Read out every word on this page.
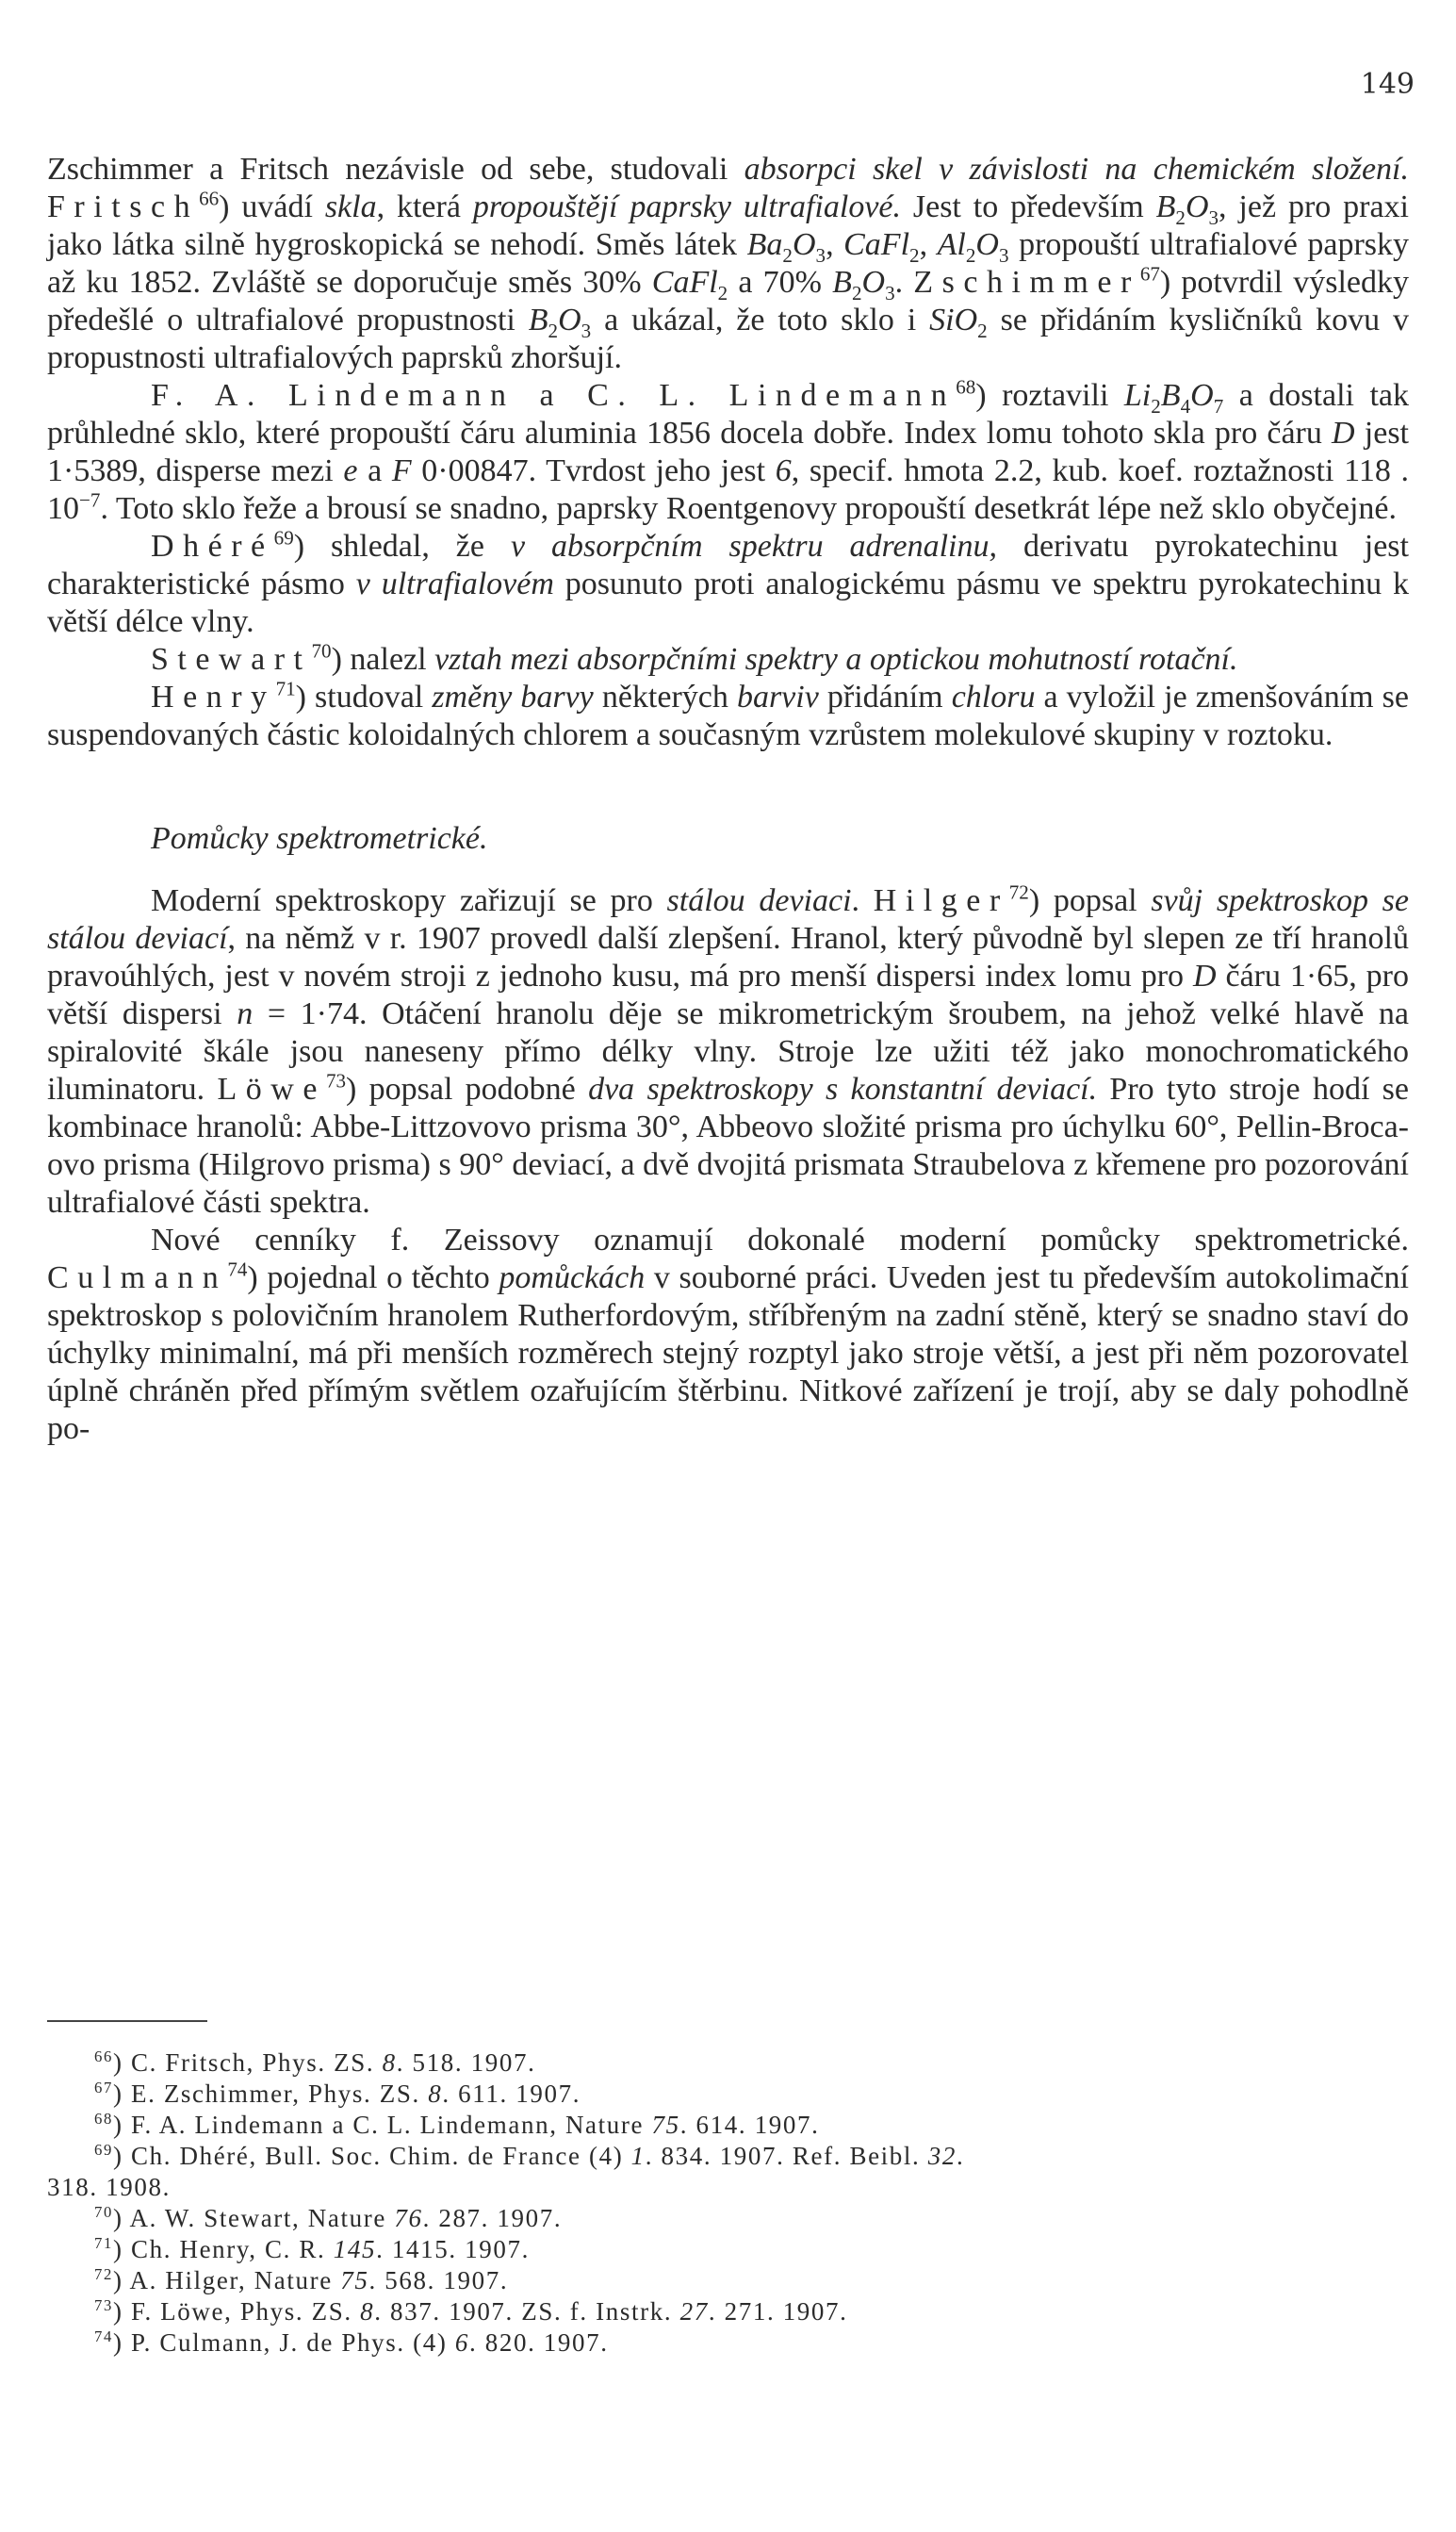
149

Zschimmer a Fritsch nezávisle od sebe, studovali absorpci skel v závislosti na chemickém složení. Fritsch$^{66}$) uvádí skla, která propouštějí paprsky ultrafialové. Jest to především $B_2O_3$, jež pro praxi jako látka silně hygroskopická se nehodí. Směs látek $Ba_2O_3$, CaFl$_2$, $Al_2O_3$ propouští ultrafialové paprsky až ku 1852. Zvláště se doporučuje směs 30% CaFl$_2$ a 70% $B_2O_3$. Zschimmer$^{67}$) potvrdil výsledky předešlé o ultrafialové propustnosti $B_2O_3$ a ukázal, že toto sklo i SiO$_2$ se přidáním kysličníků kovu v propustnosti ultrafialových paprsků zhoršují.

F. A. Lindemann a C. L. Lindemann$^{68}$) roztavili $Li_2B_4O_7$ a dostali tak průhledné sklo, které propouští čáru aluminia 1856 docela dobře. Index lomu tohoto skla pro čáru D jest 1·5389, disperse mezi e a F 0·00847. Tvrdost jeho jest 6, specif. hmota 2.2, kub. koef. roztažnosti 118 . $10^{-7}$. Toto sklo řeže a brousí se snadno, paprsky Roentgenovy propouští desetkrát lépe než sklo obyčejné.

Dhéré$^{69}$) shledal, že v absorpčním spektru adrenalinu, derivatu pyrokatechinu jest charakteristické pásmo v ultrafialovém posunuto proti analogickému pásmu ve spektru pyrokatechinu k větší délce vlny.

Stewart$^{70}$) nalezl vztah mezi absorpčními spektry a optickou mohutností rotační.

Henry$^{71}$) studoval změny barvy některých barviv přidáním chloru a vyložil je zmenšováním se suspendovaných částic koloidalných chlorem a současným vzrůstem molekulové skupiny v roztoku.

Pomůcky spektrometrické.

Moderní spektroskopy zařizují se pro stálou deviaci. Hilger$^{72}$) popsal svůj spektroskop se stálou deviací, na němž v r. 1907 provedl další zlepšení. Hranol, který původně byl slepen ze tří hranolů pravoúhlých, jest v novém stroji z jednoho kusu, má pro menší dispersi index lomu pro D čáru 1·65, pro větší dispersi n = 1·74. Otáčení hranolu děje se mikrometrickým šroubem, na jehož velké hlavě na spiralovité škále jsou naneseny přímo délky vlny. Stroje lze užiti též jako monochromatického iluminatoru. Löwe$^{73}$) popsal podobné dva spektroskopy s konstantní deviací. Pro tyto stroje hodí se kombinace hranolů: Abbe-Littzovovo prisma 30°, Abbeovo složité prisma pro úchylku 60°, Pellin-Broca-ovo prisma (Hilgrovo prisma) s 90° deviací, a dvě dvojitá prismata Straubelova z křemene pro pozorování ultrafialové části spektra.

Nové cenníky f. Zeissovy oznamují dokonalé moderní pomůcky spektrometrické. Culmann$^{74}$) pojednal o těchto pomůckách v souborné práci. Uveden jest tu především autokolimační spektroskop s polovičním hranolem Rutherfordovým, stříbřeným na zadní stěně, který se snadno staví do úchylky minimalní, má při menších rozměrech stejný rozptyl jako stroje větší, a jest při něm pozorovatel úplně chráněn před přímým světlem ozařujícím štěrbinu. Nitkové zařízení je trojí, aby se daly pohodlně po-

$^{66}$) C. Fritsch, Phys. ZS. 8. 518. 1907.
$^{67}$) E. Zschimmer, Phys. ZS. 8. 611. 1907.
$^{68}$) F. A. Lindemann a C. L. Lindemann, Nature 75. 614. 1907.
$^{69}$) Ch. Dhéré, Bull. Soc. Chim. de France (4) 1. 834. 1907. Ref. Beibl. 32.
318. 1908.
$^{70}$) A. W. Stewart, Nature 76. 287. 1907.
$^{71}$) Ch. Henry, C. R. 145. 1415. 1907.
$^{72}$) A. Hilger, Nature 75. 568. 1907.
$^{73}$) F. Löwe, Phys. ZS. 8. 837. 1907. ZS. f. Instrk. 27. 271. 1907.
$^{74}$) P. Culmann, J. de Phys. (4) 6. 820. 1907.
